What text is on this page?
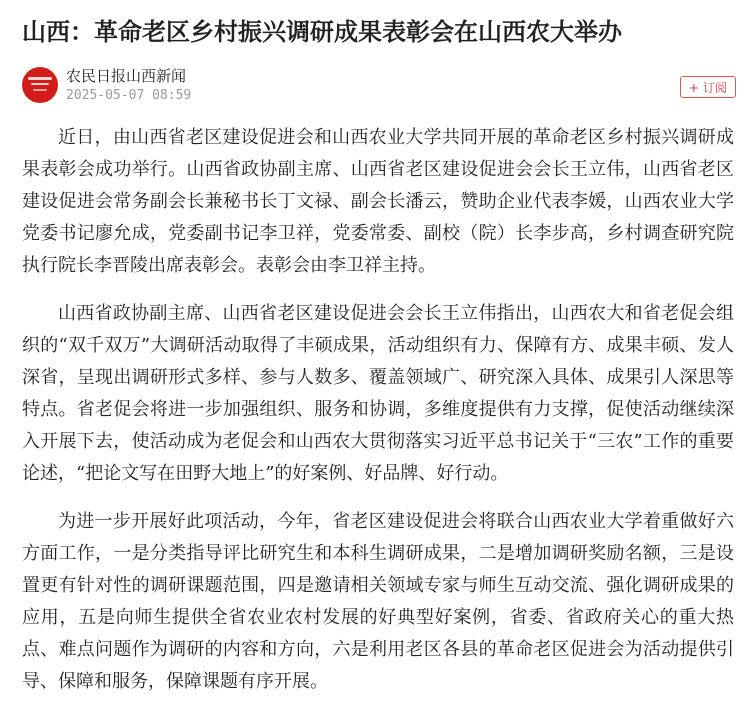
山西：革命老区乡村振兴调研成果表彰会在山西农大举办
农民日报山西新闻
2025-05-07 08:59	+ 订阅

近日，由山西省老区建设促进会和山西农业大学共同开展的革命老区乡村振兴调研成果表彰会成功举行。山西省政协副主席、山西省老区建设促进会会长王立伟，山西省老区建设促进会常务副会长兼秘书长丁文禄、副会长潘云，赞助企业代表李媛，山西农业大学党委书记廖允成，党委副书记李卫祥，党委常委、副校（院）长李步高，乡村调查研究院执行院长李晋陵出席表彰会。表彰会由李卫祥主持。

山西省政协副主席、山西省老区建设促进会会长王立伟指出，山西农大和省老促会组织的“双千双万”大调研活动取得了丰硕成果，活动组织有力、保障有方、成果丰硕、发人深省，呈现出调研形式多样、参与人数多、覆盖领域广、研究深入具体、成果引人深思等特点。省老促会将进一步加强组织、服务和协调，多维度提供有力支撑，促使活动继续深入开展下去，使活动成为老促会和山西农大贯彻落实习近平总书记关于“三农”工作的重要论述，“把论文写在田野大地上”的好案例、好品牌、好行动。

为进一步开展好此项活动，今年，省老区建设促进会将联合山西农业大学着重做好六方面工作，一是分类指导评比研究生和本科生调研成果，二是增加调研奖励名额，三是设置更有针对性的调研课题范围，四是邀请相关领域专家与师生互动交流、强化调研成果的应用，五是向师生提供全省农业农村发展的好典型好案例，省委、省政府关心的重大热点、难点问题作为调研的内容和方向，六是利用老区各县的革命老区促进会为活动提供引导、保障和服务，保障课题有序开展。
